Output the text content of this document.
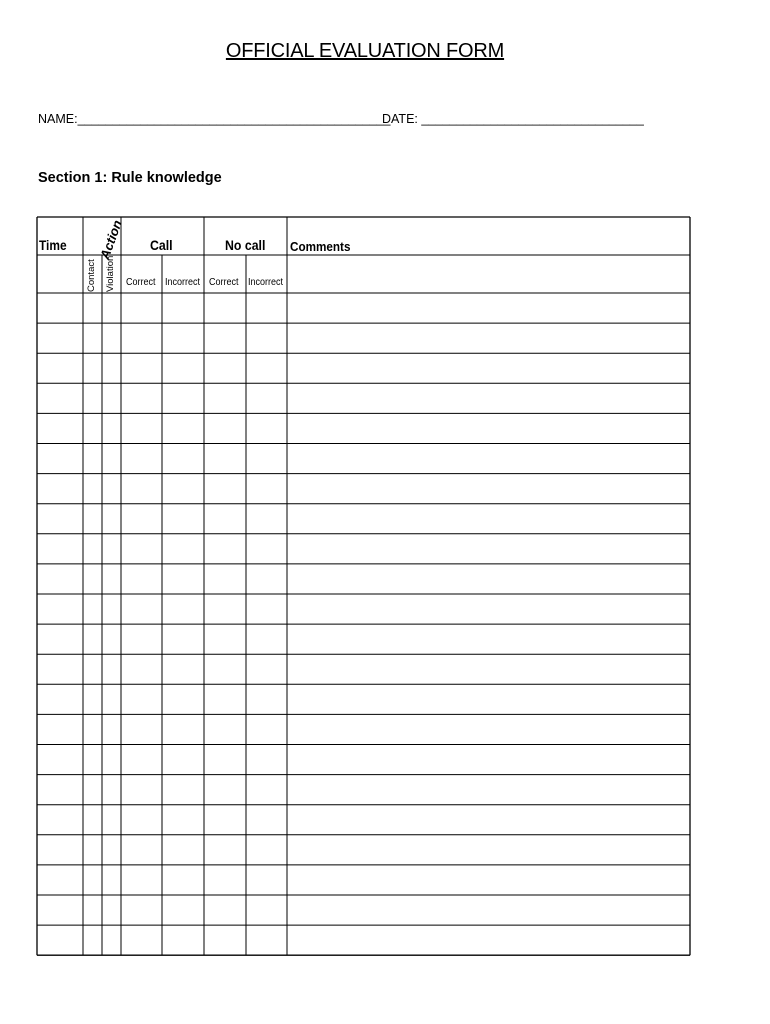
OFFICIAL EVALUATION FORM
NAME:_____________________________________________
DATE: ________________________________
Section 1: Rule knowledge
Time Action Call	No call Comments
Contact Violation Correct Incorrect Correct Incorrect
